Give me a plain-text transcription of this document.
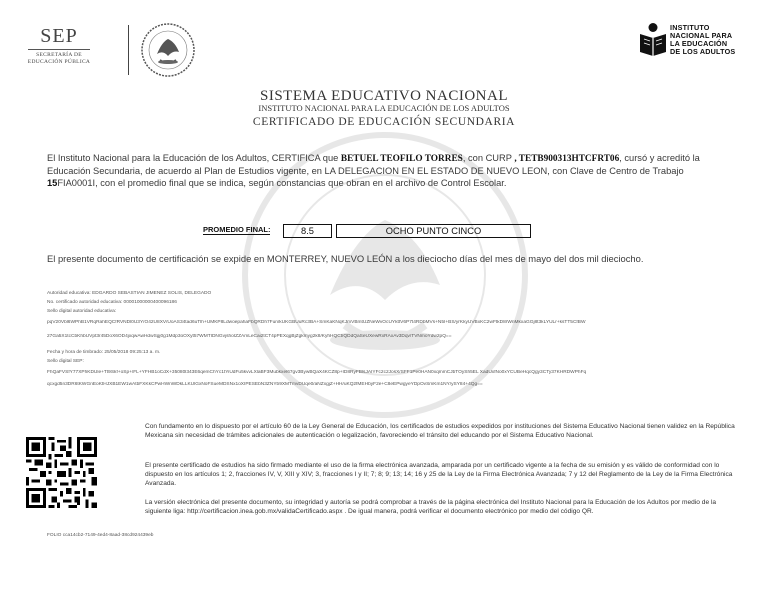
SEP
SECRETARÍA DE
EDUCACIÓN PÚBLICA
INSTITUTO
NACIONAL PARA
LA EDUCACIÓN
DE LOS ADULTOS
SISTEMA EDUCATIVO NACIONAL
INSTITUTO NACIONAL PARA LA EDUCACIÓN DE LOS ADULTOS
CERTIFICADO DE EDUCACIÓN SECUNDARIA
El Instituto Nacional para la Educación de los Adultos, CERTIFICA que BETUEL TEOFILO TORRES, con CURP , TETB900313HTCFRT06, cursó y acreditó la Educación Secundaria, de acuerdo al Plan de Estudios vigente, en LA DELEGACION EN EL ESTADO DE NUEVO LEON, con Clave de Centro de Trabajo 15FIA0001I, con el promedio final que se indica, según constancias que obran en el archivo de Control Escolar.
PROMEDIO FINAL:	8.5	OCHO PUNTO CINCO
El presente documento de certificación se expide en MONTERREY, NUEVO LEÓN a los dieciocho días del mes de mayo del dos mil dieciocho.
Autoridad educativa: EDGARDO SEBASTIAN JIMENEZ SOLIS, DELEGADO
No. certificado autoridad educativa: 00001000000400096186
Sello digital autoridad educativa:
pqV20Vbl6WPhB1VRqRahEQCfRVNDl0U3Y/O42U8XV/UoAS34tad6uTlh+UMKP8LdwoepahaFbQRDh7Fun/kUKGBUuRc3BA+SmKaKNqKJmVBmtUZNeWvOcUYkttV6P7t4RDbMVs+N5I+BS/yrKkyUVBxKC2wFtkD8rWnMkxaGGj8t3kLYULr+ksTT5CfBW
27Ga5X1tcCbKhbUVpt3r45DoX6OD4jxqwAwHdwSgj0g1Mdp3oOXyt57WMTIDNGvjshoIZZAmLeCai2tCT4pPEXqgBjZgkmyg2k8/KyhHQCt/QDdQaSeUXewRxRAxAv3Dqv/TVNmoYdw2pQ==
Fecha y hora de timbrado: 25/05/2018 09:25:13 a. m.
Sello digital SEP:
FhQaFVSfY77XPhKDUle+Tt9Skf+oSp+/FL+YFHB1oCdX+35080l343E6qemChYc1tYiUdFu5kvvLXlaBF3Mubkxel67gv3BywBQaX4KCZ8p+ID8RyFBlsJAIYFc2c2JosX/SFF1Pe0HAN0xqmmCJbTOySh5EL XadUxfNo0xYCUBeHqcQgy3CTy37KHRDWPhFq
qcxgd5n3DR6tKWGnEoKtHJXB1EW1wAtbFXKkCPwHWnWDkLLKUlGxNoFSueMDSNx1oXIPESEbN3ZNYb9XMTmvDUqe0/aNZxgjZ+HH/uKQ2fMEHbyF2e+C8eEPwgyeYDpOvSmKm1NY/ySY84+4Qg==
Con fundamento en lo dispuesto por el artículo 60 de la Ley General de Educación, los certificados de estudios expedidos por instituciones del Sistema Educativo Nacional tienen validez en la República Mexicana sin necesidad de trámites adicionales de autenticación o legalización, favoreciendo el tránsito del educando por el Sistema Educativo Nacional.
El presente certificado de estudios ha sido firmado mediante el uso de la firma electrónica avanzada, amparada por un certificado vigente a la fecha de su emisión y es válido de conformidad con lo dispuesto en los artículos 1; 2, fracciones IV, V, XIII y XIV; 3, fracciones I y II; 7; 8; 9; 13; 14; 16 y 25 de la Ley de la Firma Electrónica Avanzada; 7 y 12 del Reglamento de la Ley de la Firma Electrónica Avanzada.
La versión electrónica del presente documento, su integridad y autoría se podrá comprobar a través de la página electrónica del Instituto Nacional para la Educación de los Adultos por medio de la siguiente liga: http://certificacion.inea.gob.mx/validaCertificado.aspx . De igual manera, podrá verificar el documento electrónico por medio del código QR.
FOLIO cca14cb2-7149-4ed4-8aad-38cd924439eb
